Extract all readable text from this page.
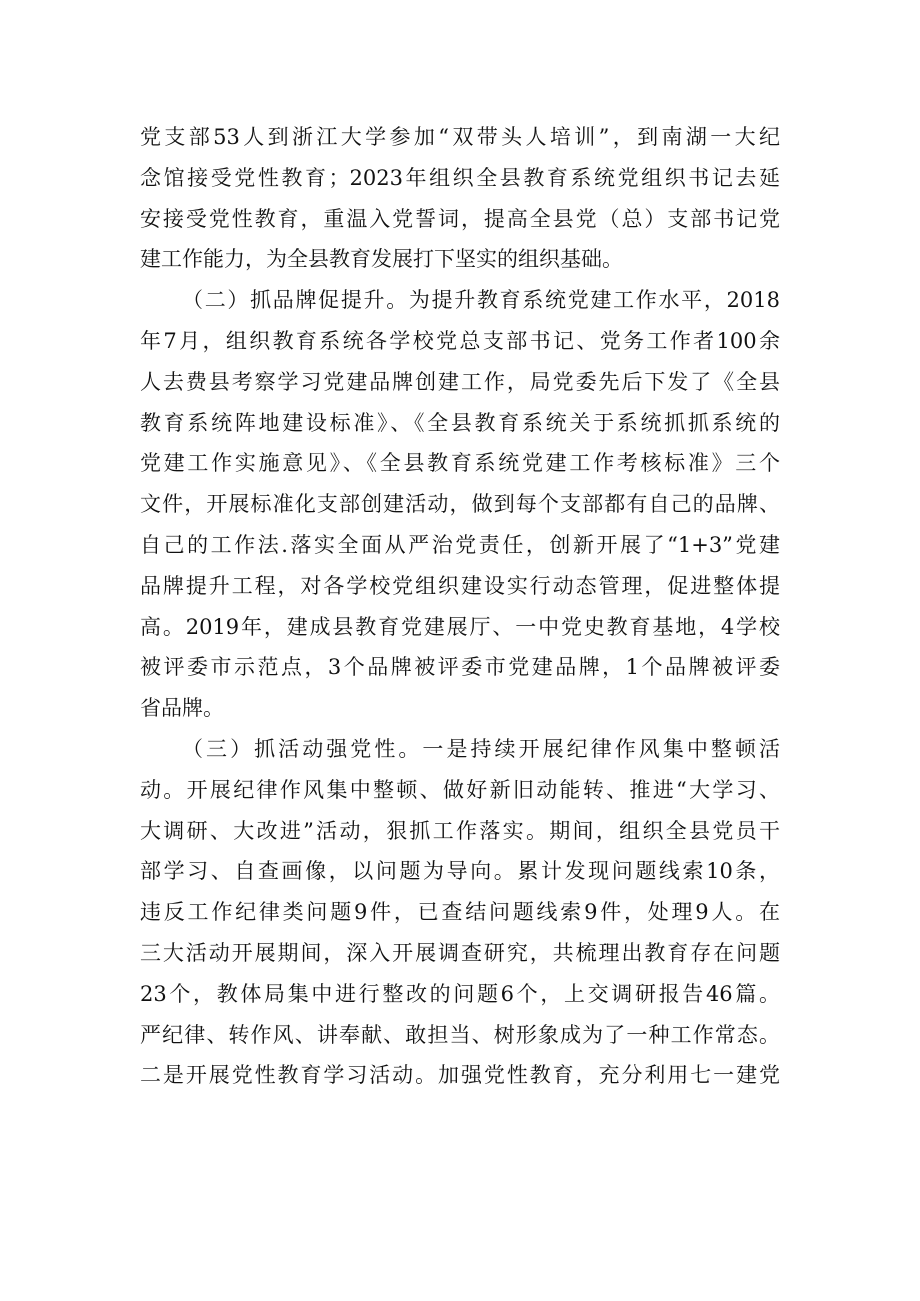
党支部53人到浙江大学参加“双带头人培训”，到南湖一大纪
念馆接受党性教育；2023年组织全县教育系统党组织书记去延
安接受党性教育，重温入党誓词，提高全县党（总）支部书记党
建工作能力，为全县教育发展打下坚实的组织基础。
（二）抓品牌促提升。为提升教育系统党建工作水平，2018
年7月，组织教育系统各学校党总支部书记、党务工作者100余
人去费县考察学习党建品牌创建工作，局党委先后下发了《全县
教育系统阵地建设标准》、《全县教育系统关于系统抓抓系统的
党建工作实施意见》、《全县教育系统党建工作考核标准》三个
文件，开展标准化支部创建活动，做到每个支部都有自己的品牌、
自己的工作法.落实全面从严治党责任，创新开展了“1+3”党建
品牌提升工程，对各学校党组织建设实行动态管理，促进整体提
高。2019年，建成县教育党建展厅、一中党史教育基地，4学校
被评委市示范点，3个品牌被评委市党建品牌，1个品牌被评委
省品牌。
（三）抓活动强党性。一是持续开展纪律作风集中整顿活
动。开展纪律作风集中整顿、做好新旧动能转、推进“大学习、
大调研、大改进”活动，狠抓工作落实。期间，组织全县党员干
部学习、自查画像，以问题为导向。累计发现问题线索10条，
违反工作纪律类问题9件，已查结问题线索9件，处理9人。在
三大活动开展期间，深入开展调查研究，共梳理出教育存在问题
23个，教体局集中进行整改的问题6个，上交调研报告46篇。
严纪律、转作风、讲奉献、敢担当、树形象成为了一种工作常态。
二是开展党性教育学习活动。加强党性教育，充分利用七一建党
